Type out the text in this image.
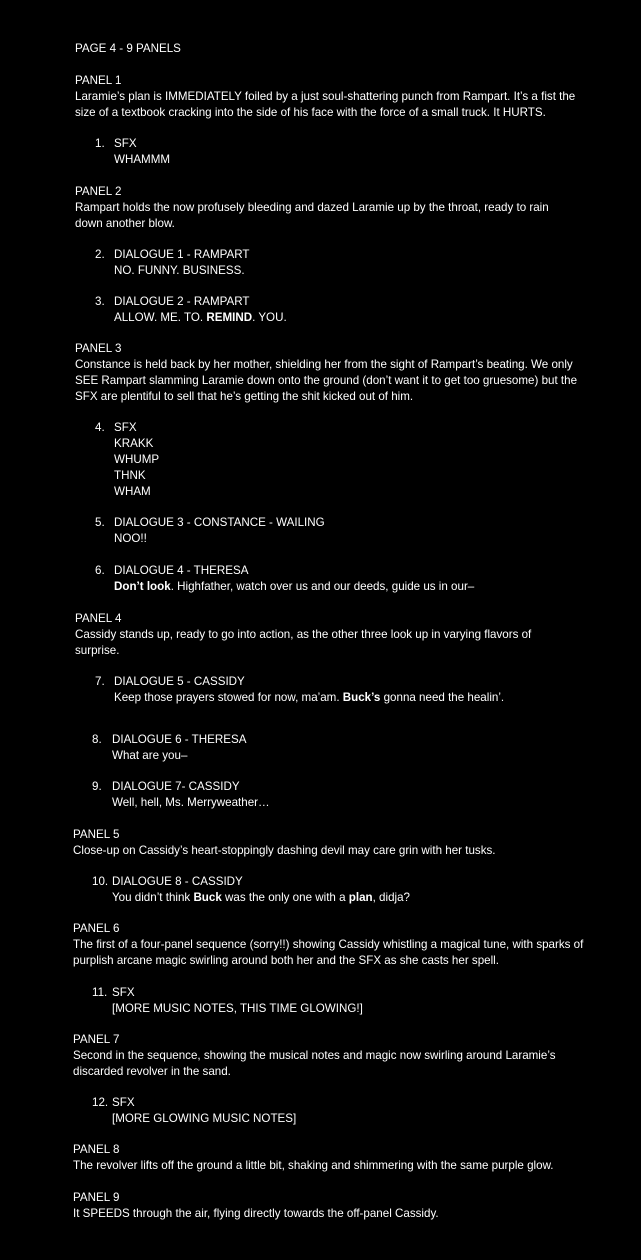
PAGE 4 - 9 PANELS
PANEL 1
Laramie’s plan is IMMEDIATELY foiled by a just soul-shattering punch from Rampart. It’s a fist the size of a textbook cracking into the side of his face with the force of a small truck. It HURTS.
1. SFX
WHAMMM
PANEL 2
Rampart holds the now profusely bleeding and dazed Laramie up by the throat, ready to rain down another blow.
2. DIALOGUE 1 - RAMPART
NO. FUNNY. BUSINESS.
3. DIALOGUE 2 - RAMPART
ALLOW. ME. TO. REMIND. YOU.
PANEL 3
Constance is held back by her mother, shielding her from the sight of Rampart’s beating. We only SEE Rampart slamming Laramie down onto the ground (don’t want it to get too gruesome) but the SFX are plentiful to sell that he’s getting the shit kicked out of him.
4. SFX
KRAKK
WHUMP
THNK
WHAM
5. DIALOGUE 3 - CONSTANCE - WAILING
NOO!!
6. DIALOGUE 4 - THERESA
Don’t look. Highfather, watch over us and our deeds, guide us in our–
PANEL 4
Cassidy stands up, ready to go into action, as the other three look up in varying flavors of surprise.
7. DIALOGUE 5 - CASSIDY
Keep those prayers stowed for now, ma’am. Buck’s gonna need the healin’.
8. DIALOGUE 6 - THERESA
What are you–
9. DIALOGUE 7- CASSIDY
Well, hell, Ms. Merryweather…
PANEL 5
Close-up on Cassidy’s heart-stoppingly dashing devil may care grin with her tusks.
10. DIALOGUE 8 - CASSIDY
You didn’t think Buck was the only one with a plan, didja?
PANEL 6
The first of a four-panel sequence (sorry!!) showing Cassidy whistling a magical tune, with sparks of purplish arcane magic swirling around both her and the SFX as she casts her spell.
11. SFX
[MORE MUSIC NOTES, THIS TIME GLOWING!]
PANEL 7
Second in the sequence, showing the musical notes and magic now swirling around Laramie’s discarded revolver in the sand.
12. SFX
[MORE GLOWING MUSIC NOTES]
PANEL 8
The revolver lifts off the ground a little bit, shaking and shimmering with the same purple glow.
PANEL 9
It SPEEDS through the air, flying directly towards the off-panel Cassidy.
